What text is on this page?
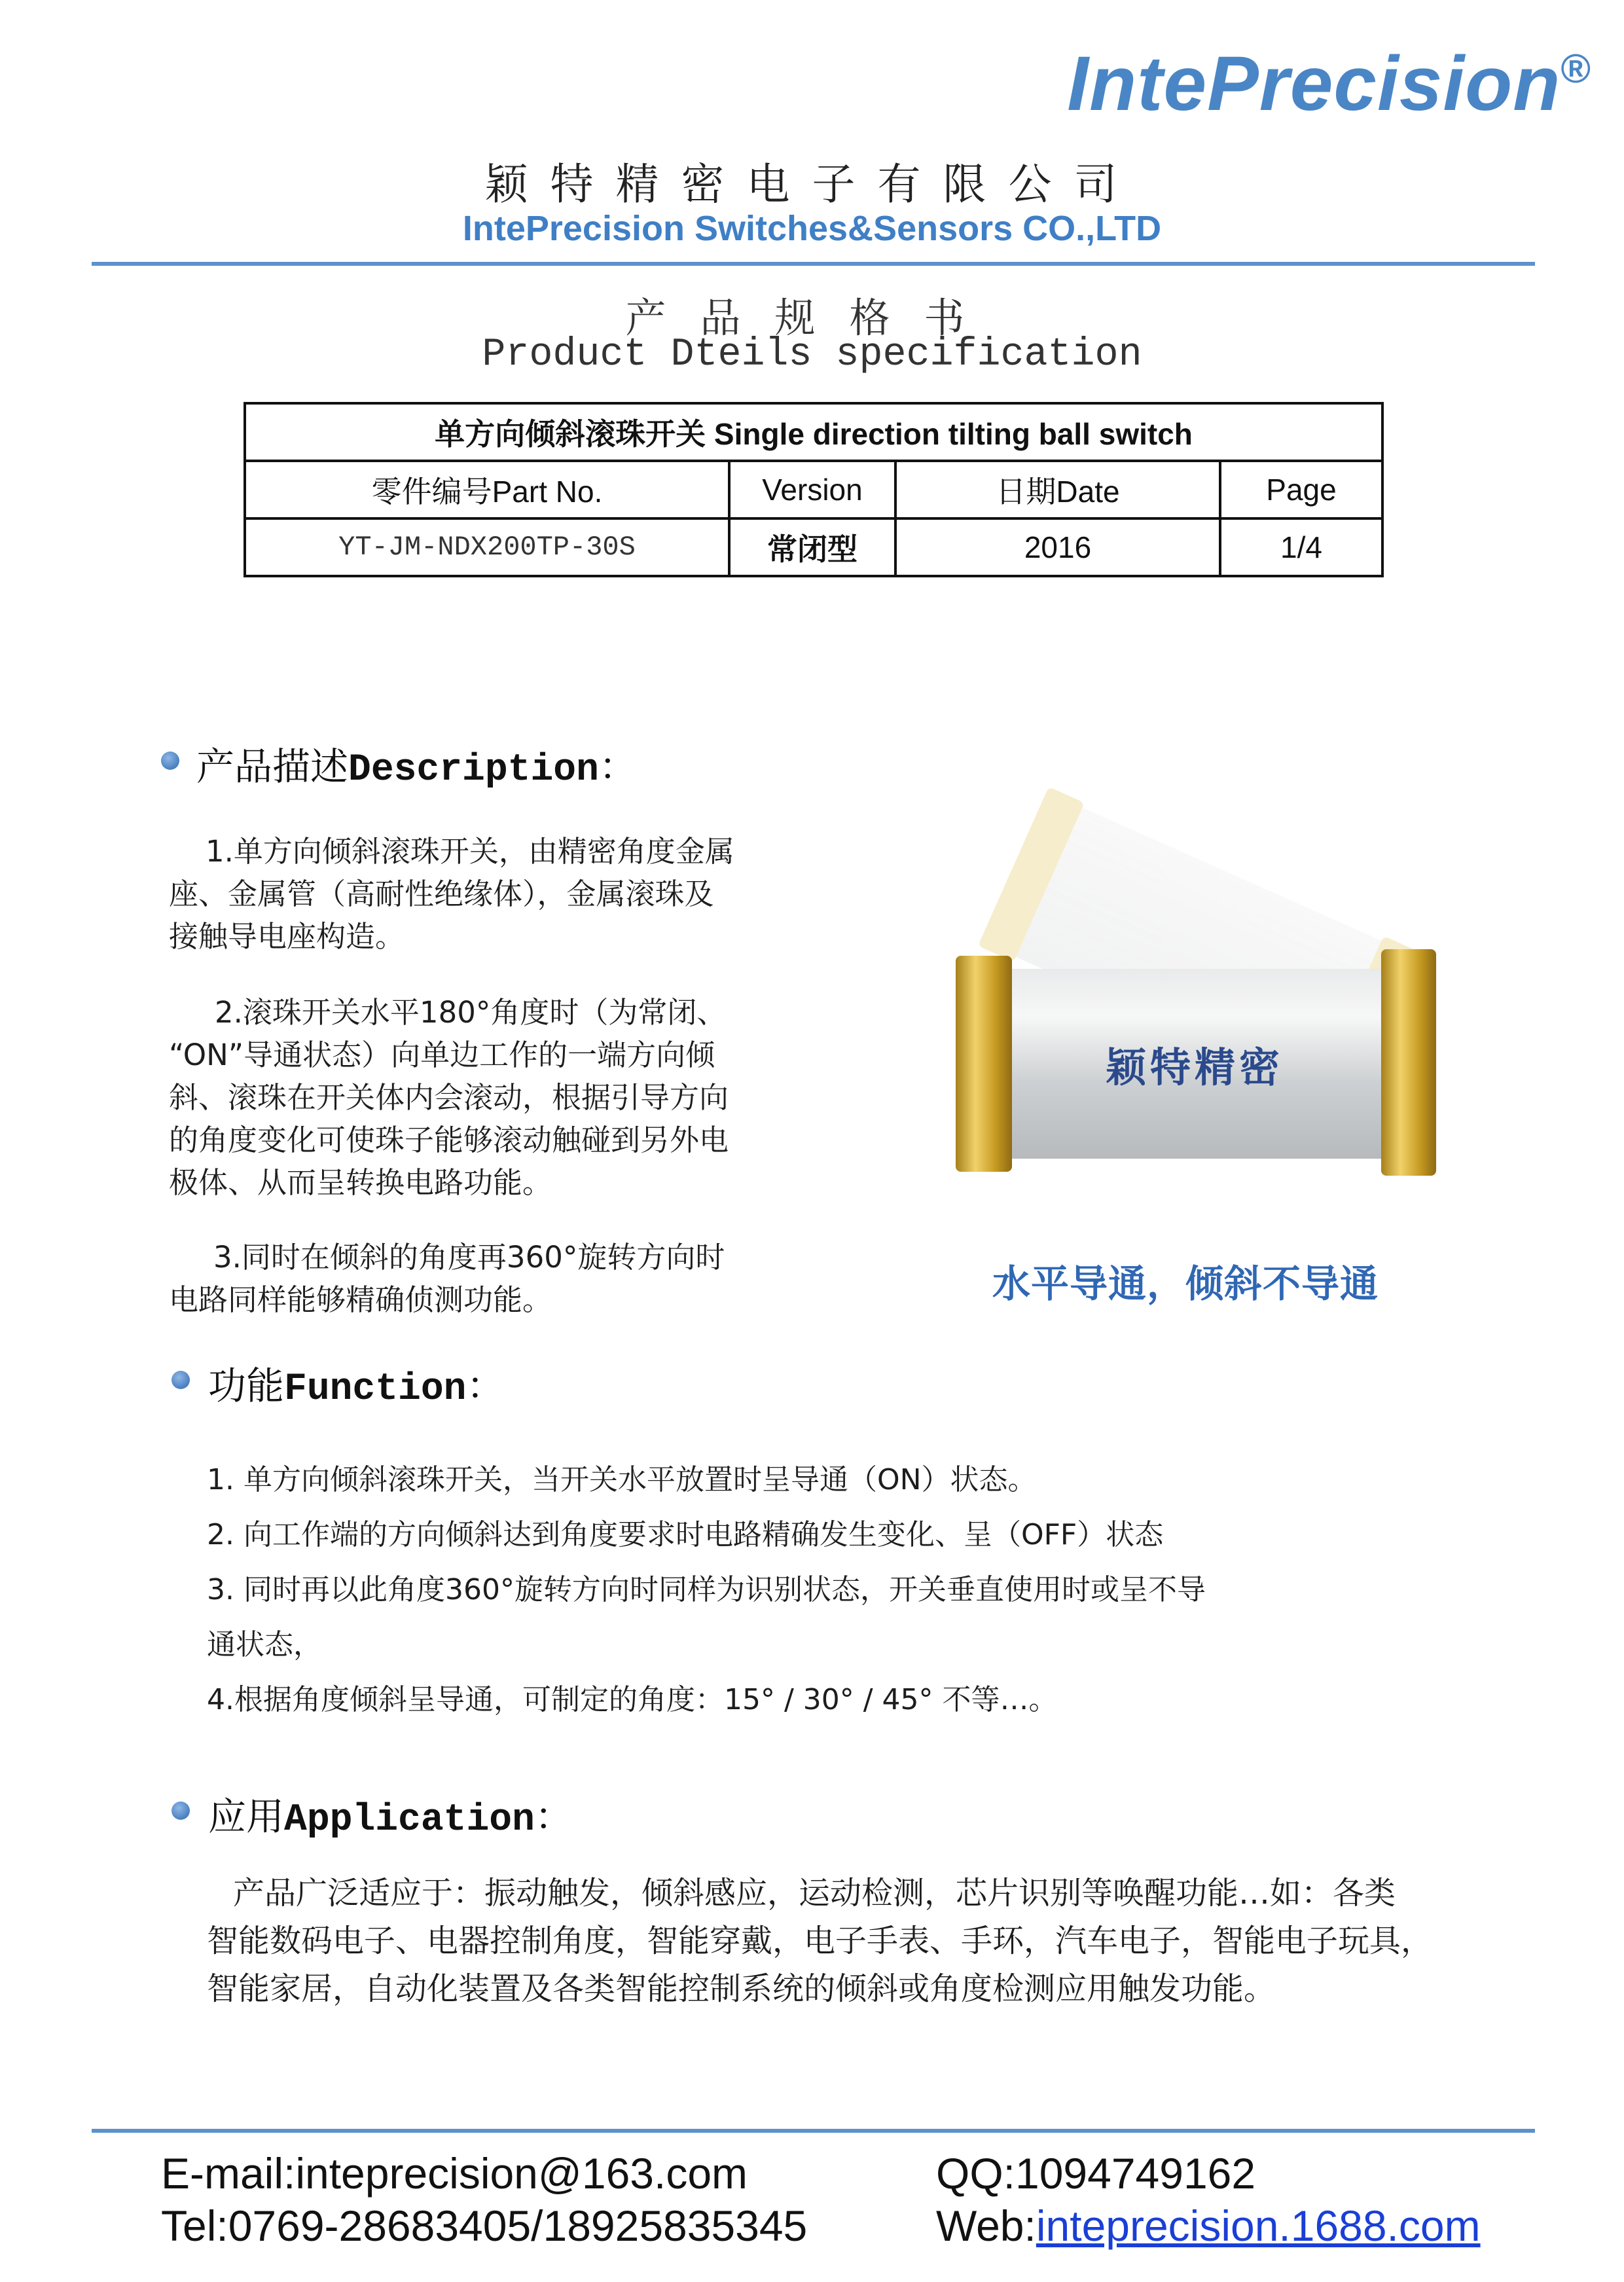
IntePrecision®
颖特精密电子有限公司
IntePrecision Switches&Sensors CO.,LTD
产品规格书
Product Dteils specification
单方向倾斜滚珠开关 Single direction tilting ball switch			
零件编号Part No.	Version	日期Date	Page
YT-JM-NDX200TP-30S	常闭型	2016	1/4
产品描述Description：
1.单方向倾斜滚珠开关，由精密角度金属
座、金属管（高耐性绝缘体），金属滚珠及
接触导电座构造。
2.滚珠开关水平180°角度时（为常闭、
“ON”导通状态）向单边工作的一端方向倾
斜、滚珠在开关体内会滚动，根据引导方向
的角度变化可使珠子能够滚动触碰到另外电
极体、从而呈转换电路功能。
3.同时在倾斜的角度再360°旋转方向时
电路同样能够精确侦测功能。
颖特精密
水平导通，倾斜不导通
功能Function：
1. 单方向倾斜滚珠开关，当开关水平放置时呈导通（ON）状态。
2. 向工作端的方向倾斜达到角度要求时电路精确发生变化、呈（OFF）状态
3. 同时再以此角度360°旋转方向时同样为识别状态，开关垂直使用时或呈不导
通状态，
4.根据角度倾斜呈导通，可制定的角度：15° / 30° / 45° 不等…。
应用Application：
产品广泛适应于：振动触发，倾斜感应，运动检测，芯片识别等唤醒功能…如：各类
智能数码电子、电器控制角度，智能穿戴，电子手表、手环，汽车电子，智能电子玩具，
智能家居，自动化装置及各类智能控制系统的倾斜或角度检测应用触发功能。
E-mail:inteprecision@163.com
Tel:0769-28683405/18925835345
QQ:1094749162
Web:inteprecision.1688.com
